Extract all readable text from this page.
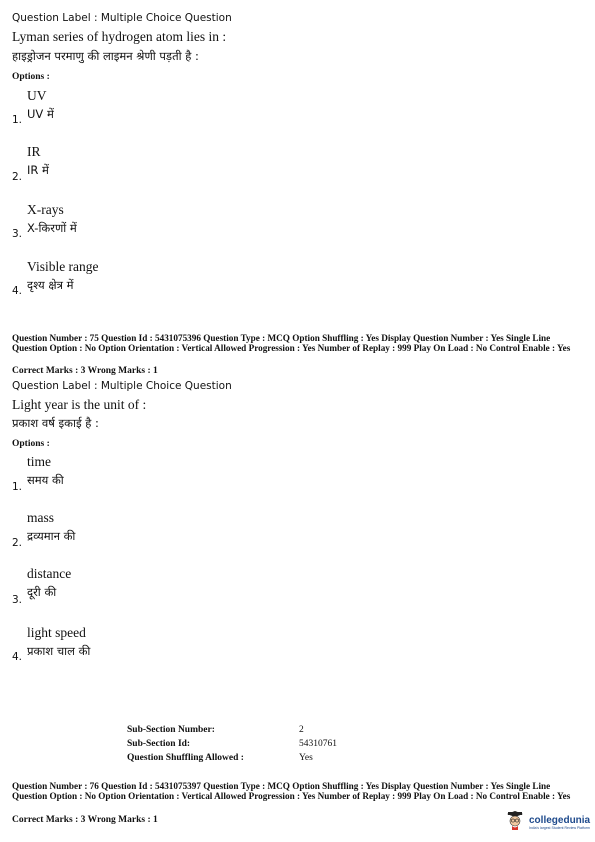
Question Label : Multiple Choice Question
Lyman series of hydrogen atom lies in :
हाइड्रोजन परमाणु की लाइमन श्रेणी पड़ती है :
Options :
UV
UV में
1.
IR
IR में
2.
X-rays
X-किरणों में
3.
Visible range
दृश्य क्षेत्र में
4.
Question Number : 75 Question Id : 5431075396 Question Type : MCQ Option Shuffling : Yes Display Question Number : Yes Single Line Question Option : No Option Orientation : Vertical Allowed Progression : Yes Number of Replay : 999 Play On Load : No Control Enable : Yes
Correct Marks : 3 Wrong Marks : 1
Question Label : Multiple Choice Question
Light year is the unit of :
प्रकाश वर्ष इकाई है :
Options :
time
समय की
1.
mass
द्रव्यमान की
2.
distance
दूरी की
3.
light speed
प्रकाश चाल की
4.
Sub-Section Number:	2
Sub-Section Id:	54310761
Question Shuffling Allowed :	Yes
Question Number : 76 Question Id : 5431075397 Question Type : MCQ Option Shuffling : Yes Display Question Number : Yes Single Line Question Option : No Option Orientation : Vertical Allowed Progression : Yes Number of Replay : 999 Play On Load : No Control Enable : Yes
Correct Marks : 3 Wrong Marks : 1	collegedunia
India's largest Student Review Platform
